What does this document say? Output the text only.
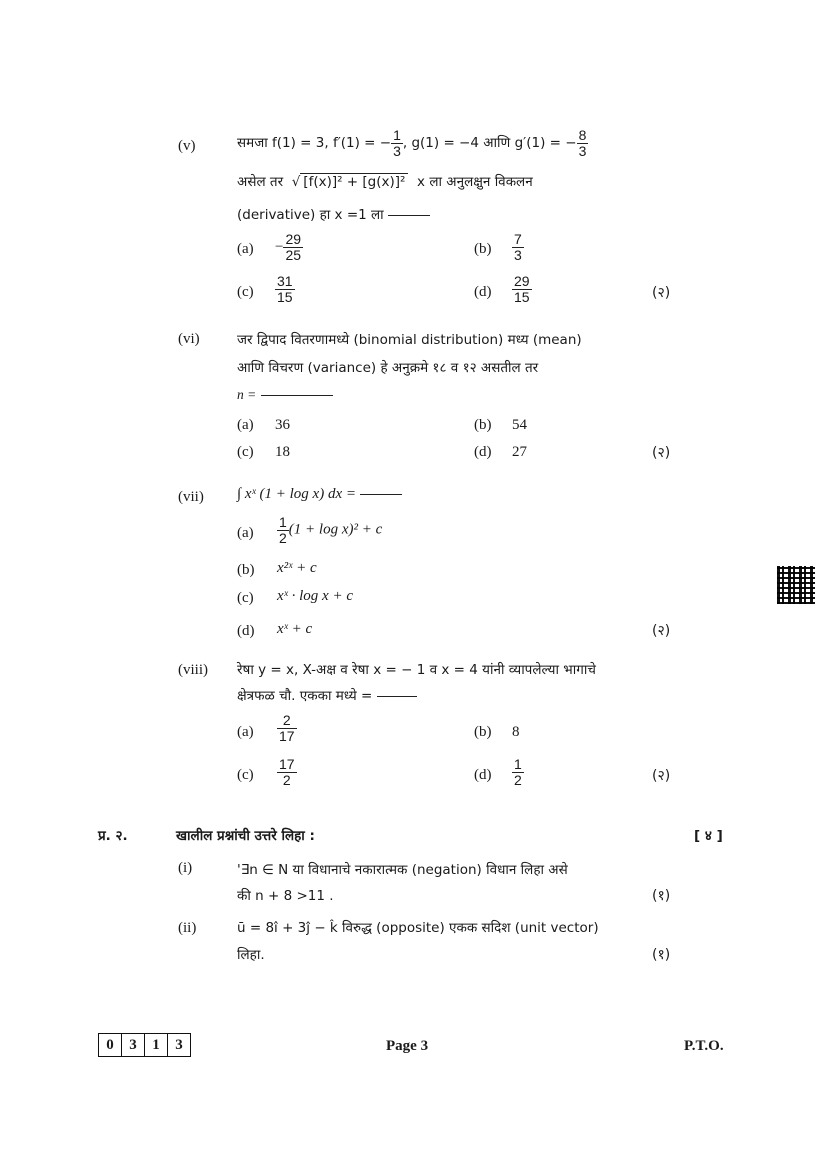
(v)	समजा f(1) = 3, f′(1) = − $\frac{1}{3}$ , g(1) = −4 आणि g′(1) = − $\frac{8}{3}$
असेल तर  √ [f(x)]² + [g(x)]² x ला अनुलक्षुन विकलन
(derivative) हा x =1 ला
$(a) - \frac{29}{25}$	$(b) \frac{7}{3}$
$(c) \frac{31}{15}$	$(d) \frac{29}{15}$	(२)
(vi)	जर द्विपाद वितरणामध्ये (binomial distribution) मध्य (mean)
आणि विचरण (variance) हे अनुक्रमे १८ व १२ असतील तर
n =
(a) 36	(b) 54
(c) 18	(d) 27	(२)
(vii) ∫ xˣ (1 + log x) dx =
$(a) \frac{1}{2} (1 + \log x)^2 + c$
(b) x²ˣ + c
(c) xˣ · log x + c
(d) xˣ + c	(२)
(viii) रेषा y = x, X-अक्ष व रेषा x = − 1 व x = 4 यांनी व्यापलेल्या भागाचे
क्षेत्रफळ चौ. एकका मध्ये =
$(a) \frac{2}{17}$	(b) 8
$(c) \frac{17}{2}$	$(d) \frac{1}{2}$	(२)
प्र. २.	खालील प्रश्नांची उत्तरे लिहा :	[ ४ ]
(i)	'∃n ∈ N या विधानाचे नकारात्मक (negation) विधान लिहा असे
की n + 8 >11 .	(१)
(ii)	ū = 8î + 3ĵ − k̂ विरुद्ध (opposite) एकक सदिश (unit vector)
लिहा.	(१)
0	3	1	3	Page 3	P.T.O.
